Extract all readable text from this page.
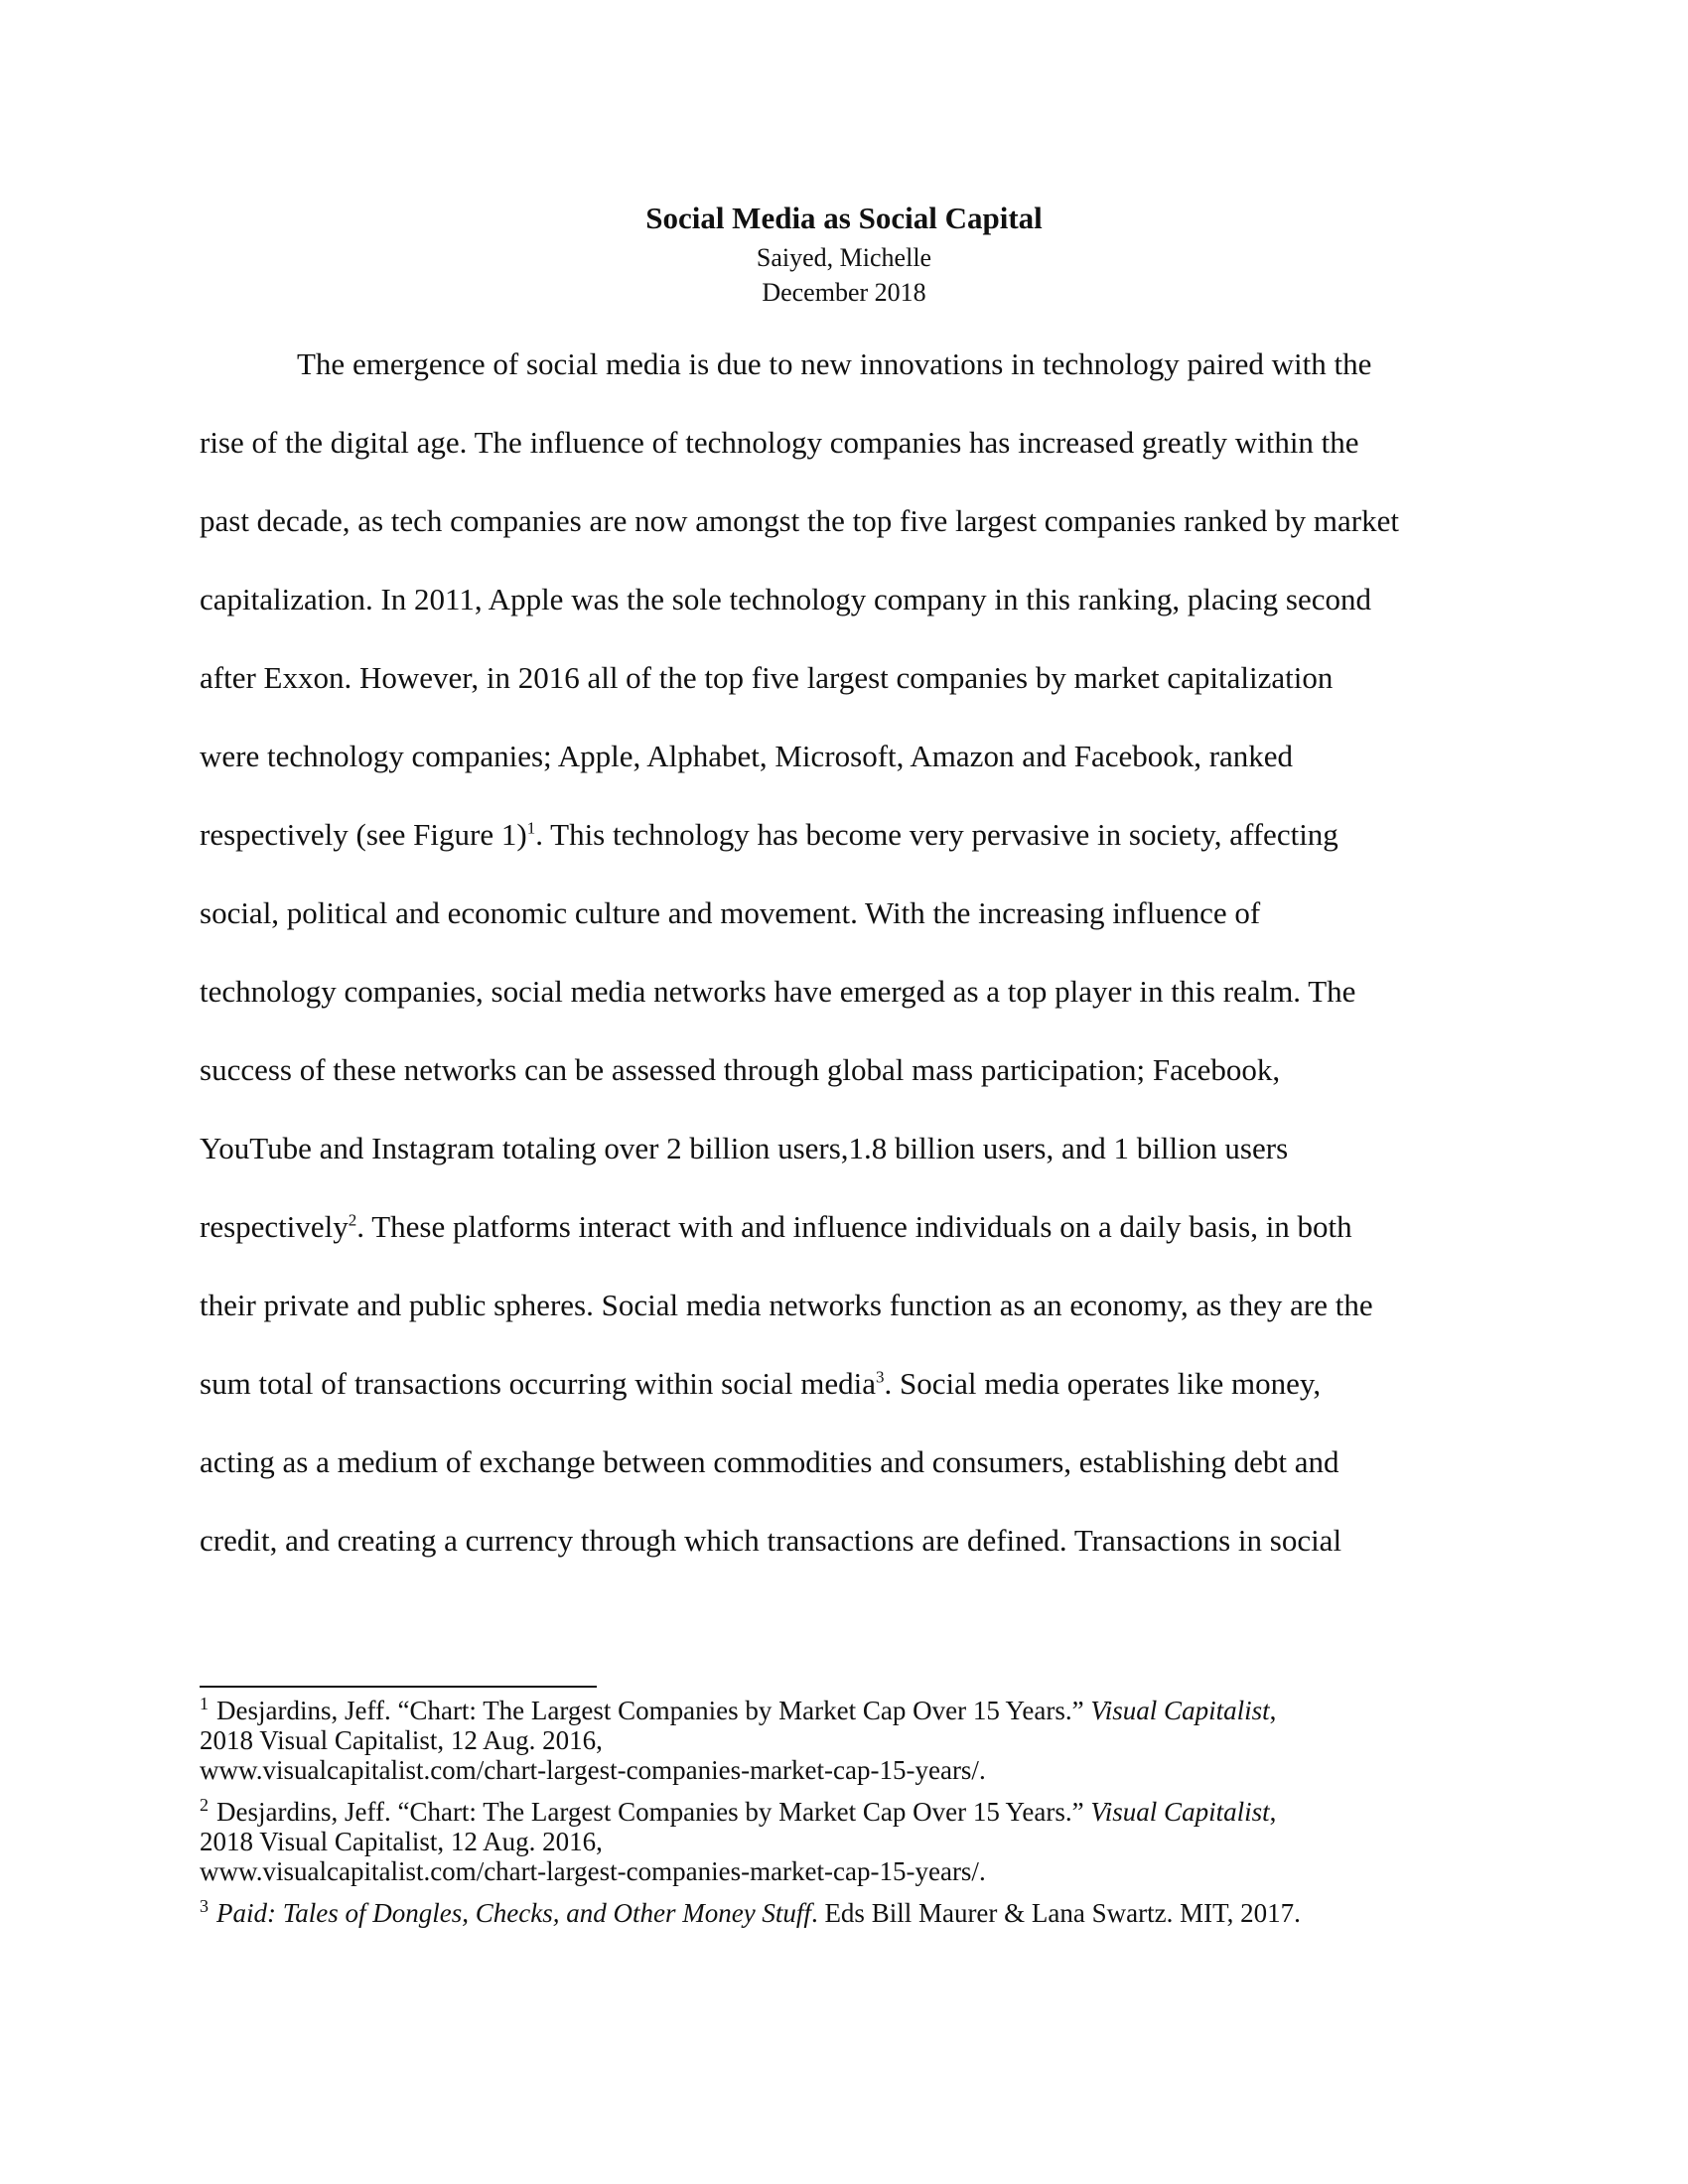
Social Media as Social Capital
Saiyed, Michelle
December 2018
The emergence of social media is due to new innovations in technology paired with the
rise of the digital age. The influence of technology companies has increased greatly within the
past decade, as tech companies are now amongst the top five largest companies ranked by market
capitalization. In 2011, Apple was the sole technology company in this ranking, placing second
after Exxon. However, in 2016 all of the top five largest companies by market capitalization
were technology companies; Apple, Alphabet, Microsoft, Amazon and Facebook, ranked
respectively (see Figure 1)$^1$. This technology has become very pervasive in society, affecting
social, political and economic culture and movement. With the increasing influence of
technology companies, social media networks have emerged as a top player in this realm. The
success of these networks can be assessed through global mass participation; Facebook,
YouTube and Instagram totaling over 2 billion users,1.8 billion users, and 1 billion users
respectively$^2$. These platforms interact with and influence individuals on a daily basis, in both
their private and public spheres. Social media networks function as an economy, as they are the
sum total of transactions occurring within social media$^3$. Social media operates like money,
acting as a medium of exchange between commodities and consumers, establishing debt and
credit, and creating a currency through which transactions are defined. Transactions in social
$^1$ Desjardins, Jeff. “Chart: The Largest Companies by Market Cap Over 15 Years.” Visual Capitalist,
2018 Visual Capitalist, 12 Aug. 2016,
www.visualcapitalist.com/chart-largest-companies-market-cap-15-years/.
$^2$ Desjardins, Jeff. “Chart: The Largest Companies by Market Cap Over 15 Years.” Visual Capitalist,
2018 Visual Capitalist, 12 Aug. 2016,
www.visualcapitalist.com/chart-largest-companies-market-cap-15-years/.
$^3$ Paid: Tales of Dongles, Checks, and Other Money Stuff. Eds Bill Maurer & Lana Swartz. MIT, 2017.
